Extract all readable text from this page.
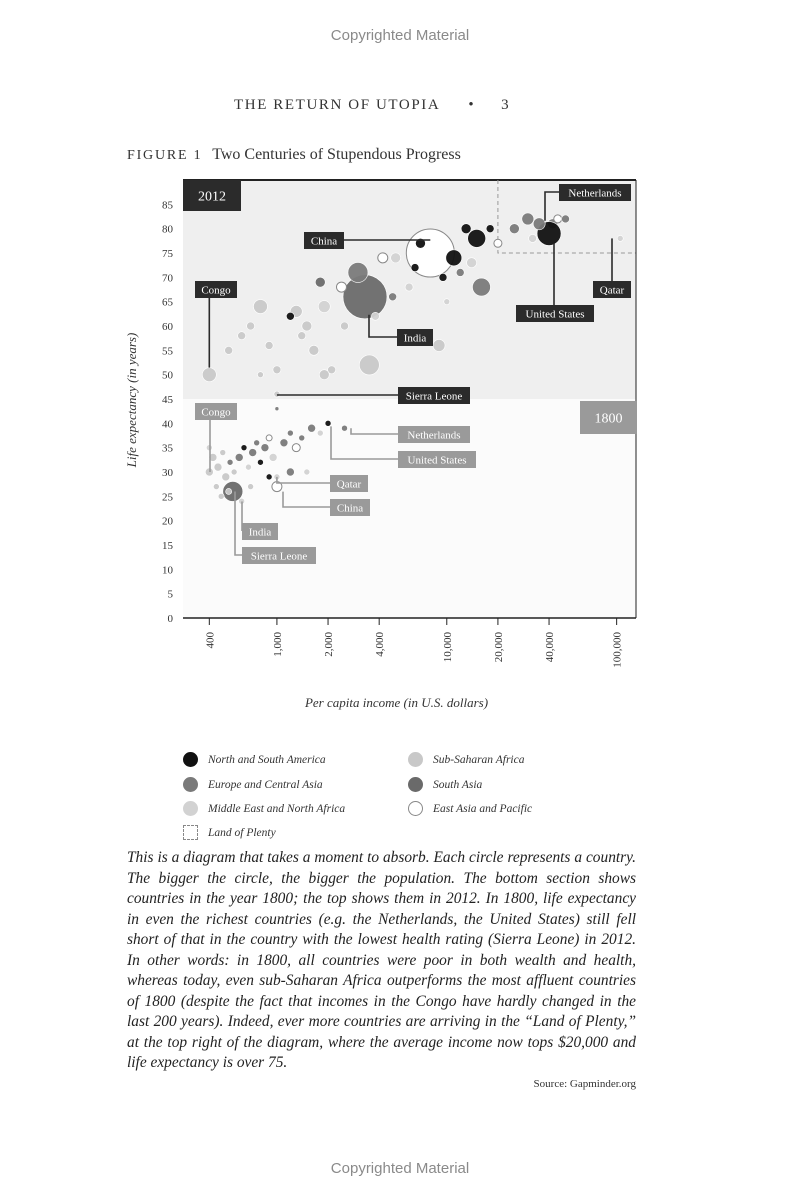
Copyrighted Material
THE RETURN OF UTOPIA • 3
FIGURE 1 Two Centuries of Stupendous Progress
0
5
10
15
20
25
30
35
40
45
50
55
60
65
70
75
80
85
400	1,000	2,000	4,000	10,000	20,000	40,000	100,000
Per capita income (in U.S. dollars)
Life expectancy (in years)
2012
1800
Congo
China
India
Sierra Leone
Netherlands
United States
Qatar
Congo
Netherlands
United States
Qatar
China
India
Sierra Leone
North and South America	Sub-Saharan Africa
Europe and Central Asia	South Asia
Middle East and North Africa	East Asia and Pacific
Land of Plenty

This is a diagram that takes a moment to absorb. Each circle represents a country. The bigger the circle, the bigger the population. The bottom section shows countries in the year 1800; the top shows them in 2012. In 1800, life expectancy in even the richest countries (e.g. the Netherlands, the United States) still fell short of that in the country with the lowest health rating (Sierra Leone) in 2012. In other words: in 1800, all countries were poor in both wealth and health, whereas today, even sub-Saharan Africa outperforms the most affluent countries of 1800 (despite the fact that incomes in the Congo have hardly changed in the last 200 years). Indeed, ever more countries are arriving in the “Land of Plenty,” at the top right of the diagram, where the average income now tops $20,000 and life expectancy is over 75.

Source: Gapminder.org
Copyrighted Material
